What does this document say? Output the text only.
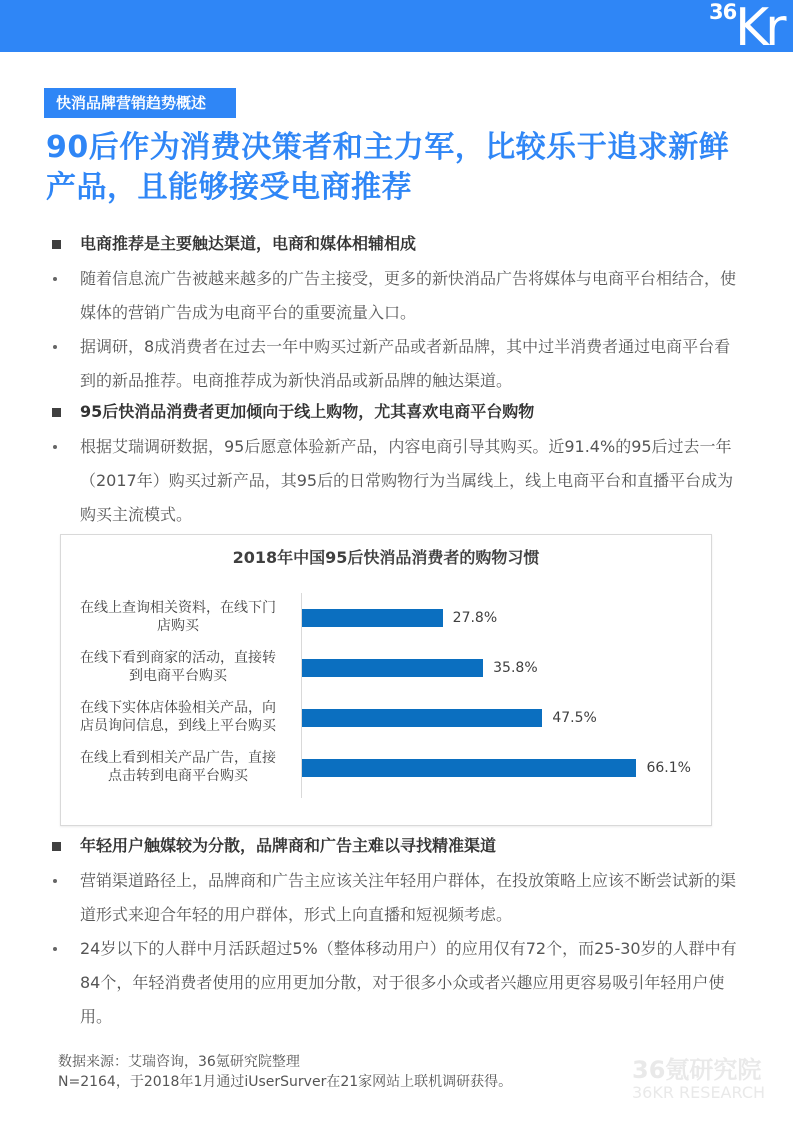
36
Kr
快消品牌营销趋势概述
90后作为消费决策者和主力军，比较乐于追求新鲜
产品，且能够接受电商推荐
电商推荐是主要触达渠道，电商和媒体相辅相成
随着信息流广告被越来越多的广告主接受，更多的新快消品广告将媒体与电商平台相结合，使媒体的营销广告成为电商平台的重要流量入口。
据调研，8成消费者在过去一年中购买过新产品或者新品牌，其中过半消费者通过电商平台看到的新品推荐。电商推荐成为新快消品或新品牌的触达渠道。
95后快消品消费者更加倾向于线上购物，尤其喜欢电商平台购物
根据艾瑞调研数据，95后愿意体验新产品，内容电商引导其购买。近91.4%的95后过去一年（2017年）购买过新产品，其95后的日常购物行为当属线上，线上电商平台和直播平台成为购买主流模式。
2018年中国95后快消品消费者的购物习惯
在线上查询相关资料，在线下门
店购买
在线下看到商家的活动，直接转
到电商平台购买
在线下实体店体验相关产品，向
店员询问信息，到线上平台购买
在线上看到相关产品广告，直接
点击转到电商平台购买
27.8%
35.8%
47.5%
66.1%
年轻用户触媒较为分散，品牌商和广告主难以寻找精准渠道
营销渠道路径上，品牌商和广告主应该关注年轻用户群体，在投放策略上应该不断尝试新的渠道形式来迎合年轻的用户群体，形式上向直播和短视频考虑。
24岁以下的人群中月活跃超过5%（整体移动用户）的应用仅有72个，而25-30岁的人群中有84个，年轻消费者使用的应用更加分散，对于很多小众或者兴趣应用更容易吸引年轻用户使用。
数据来源：艾瑞咨询，36氪研究院整理
N=2164，于2018年1月通过iUserSurver在21家网站上联机调研获得。	36氪研究院
36KR RESEARCH
